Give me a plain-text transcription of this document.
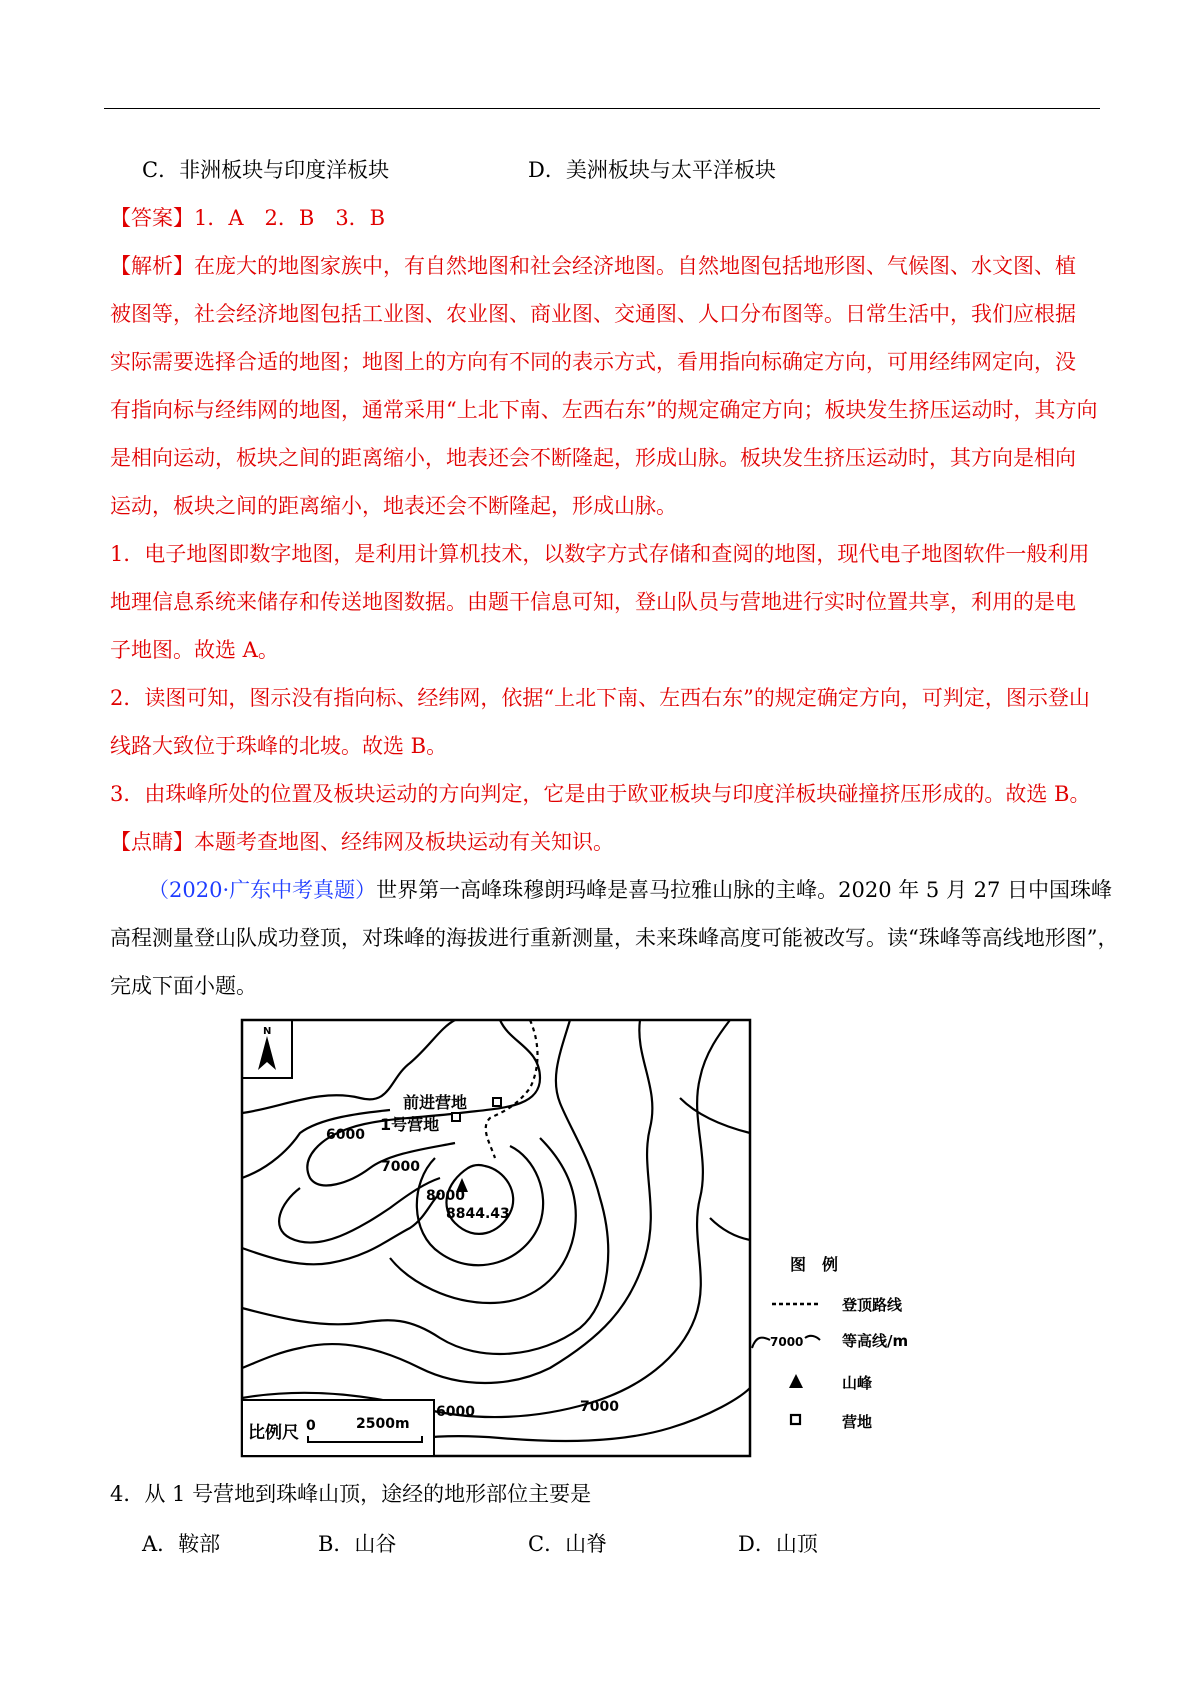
C．非洲板块与印度洋板块	D．美洲板块与太平洋板块
【答案】1．A　2．B　3．B
【解析】在庞大的地图家族中，有自然地图和社会经济地图。自然地图包括地形图、气候图、水文图、植
被图等，社会经济地图包括工业图、农业图、商业图、交通图、人口分布图等。日常生活中，我们应根据
实际需要选择合适的地图；地图上的方向有不同的表示方式，看用指向标确定方向，可用经纬网定向，没
有指向标与经纬网的地图，通常采用“上北下南、左西右东”的规定确定方向；板块发生挤压运动时，其方向
是相向运动，板块之间的距离缩小，地表还会不断隆起，形成山脉。板块发生挤压运动时，其方向是相向
运动，板块之间的距离缩小，地表还会不断隆起，形成山脉。
1．电子地图即数字地图，是利用计算机技术，以数字方式存储和查阅的地图，现代电子地图软件一般利用
地理信息系统来储存和传送地图数据。由题干信息可知，登山队员与营地进行实时位置共享，利用的是电
子地图。故选 A。
2．读图可知，图示没有指向标、经纬网，依据“上北下南、左西右东”的规定确定方向，可判定，图示登山
线路大致位于珠峰的北坡。故选 B。
3．由珠峰所处的位置及板块运动的方向判定，它是由于欧亚板块与印度洋板块碰撞挤压形成的。故选 B。
【点睛】本题考查地图、经纬网及板块运动有关知识。
（2020·广东中考真题）世界第一高峰珠穆朗玛峰是喜马拉雅山脉的主峰。2020 年 5 月 27 日中国珠峰
高程测量登山队成功登顶，对珠峰的海拔进行重新测量，未来珠峰高度可能被改写。读“珠峰等高线地形图”，
完成下面小题。
N
前进营地
1号营地
6000
7000
8000
8844.43
6000	7000
比例尺 0	2500m
图　例
登顶路线
7000	等高线/m
山峰
营地
4．从 1 号营地到珠峰山顶，途经的地形部位主要是
A．鞍部	B．山谷	C．山脊	D．山顶
